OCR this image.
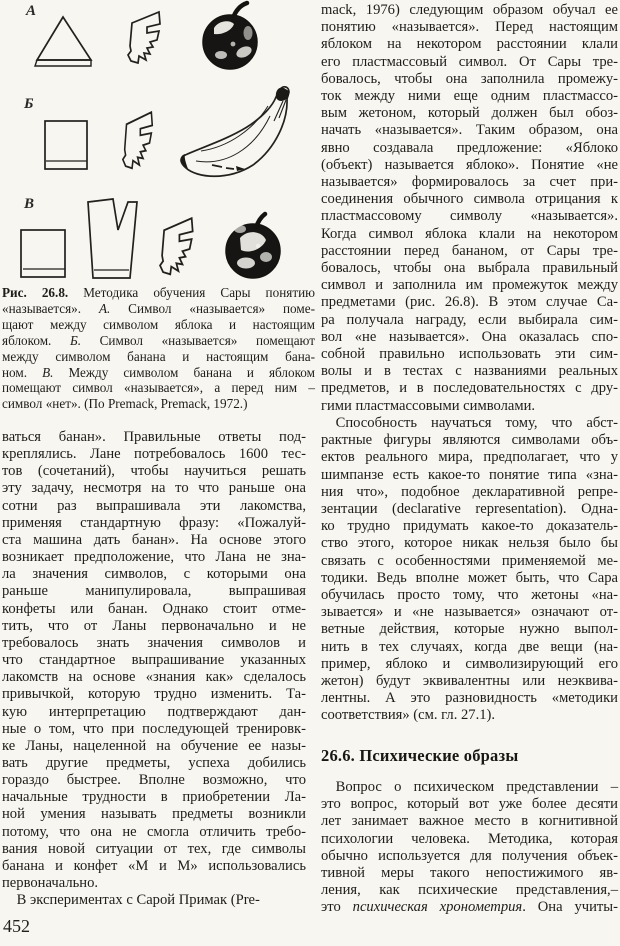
А
Б
В
Рис. 26.8. Методика обучения Сары понятию
«называется». А. Символ «называется» поме-
щают между символом яблока и настоящим
яблоком. Б. Символ «называется» помещают
между символом банана и настоящим бана-
ном. В. Между символом банана и яблоком
помещают символ «называется», а перед ним –
символ «нет». (По Premack, Premack, 1972.)
ваться банан». Правильные ответы под-
креплялись. Лане потребовалось 1600 тес-
тов (сочетаний), чтобы научиться решать
эту задачу, несмотря на то что раньше она
сотни раз выпрашивала эти лакомства,
применяя стандартную фразу: «Пожалуй-
ста машина дать банан». На основе этого
возникает предположение, что Лана не зна-
ла значения символов, с которыми она
раньше манипулировала, выпрашивая
конфеты или банан. Однако стоит отме-
тить, что от Ланы первоначально и не
требовалось знать значения символов и
что стандартное выпрашивание указанных
лакомств на основе «знания как» сделалось
привычкой, которую трудно изменить. Та-
кую интерпретацию подтверждают дан-
ные о том, что при последующей тренировк-
ке Ланы, нацеленной на обучение ее назы-
вать другие предметы, успеха добились
гораздо быстрее. Вполне возможно, что
начальные трудности в приобретении Ла-
ной умения называть предметы возникли
потому, что она не смогла отличить требо-
вания новой ситуации от тех, где символы
банана и конфет «М и М» использовались
первоначально.
 В экспериментах с Сарой Примак (Pre-
452
mack, 1976) следующим образом обучал ее
понятию «называется». Перед настоящим
яблоком на некотором расстоянии клали
его пластмассовый символ. От Сары тре-
бовалось, чтобы она заполнила промежу-
ток между ними еще одним пластмассо-
вым жетоном, который должен был обоз-
начать «называется». Таким образом, она
явно создавала предложение: «Яблоко
(объект) называется яблоко». Понятие «не
называется» формировалось за счет при-
соединения обычного символа отрицания к
пластмассовому символу «называется».
Когда символ яблока клали на некотором
расстоянии перед бананом, от Сары тре-
бовалось, чтобы она выбрала правильный
символ и заполнила им промежуток между
предметами (рис. 26.8). В этом случае Са-
ра получала награду, если выбирала сим-
вол «не называется». Она оказалась спо-
собной правильно использовать эти сим-
волы и в тестах с названиями реальных
предметов, и в последовательностях с дру-
гими пластмассовыми символами.
 Способность научаться тому, что абст-
рактные фигуры являются символами объ-
ектов реального мира, предполагает, что у
шимпанзе есть какое-то понятие типа «зна-
ния что», подобное декларативной репре-
зентации (declarative representation). Одна-
ко трудно придумать какое-то доказатель-
ство этого, которое никак нельзя было бы
связать с особенностями применяемой ме-
тодики. Ведь вполне может быть, что Сара
обучилась просто тому, что жетоны «на-
зывается» и «не называется» означают от-
ветные действия, которые нужно выпол-
нить в тех случаях, когда две вещи (на-
пример, яблоко и символизирующий его
жетон) будут эквивалентны или неэквива-
лентны. А это разновидность «методики
соответствия» (см. гл. 27.1).
26.6. Психические образы
 Вопрос о психическом представлении –
это вопрос, который вот уже более десяти
лет занимает важное место в когнитивной
психологии человека. Методика, которая
обычно используется для получения объек-
тивной меры такого непостижимого яв-
ления, как психические представления,–
это психическая хронометрия. Она учиты-
